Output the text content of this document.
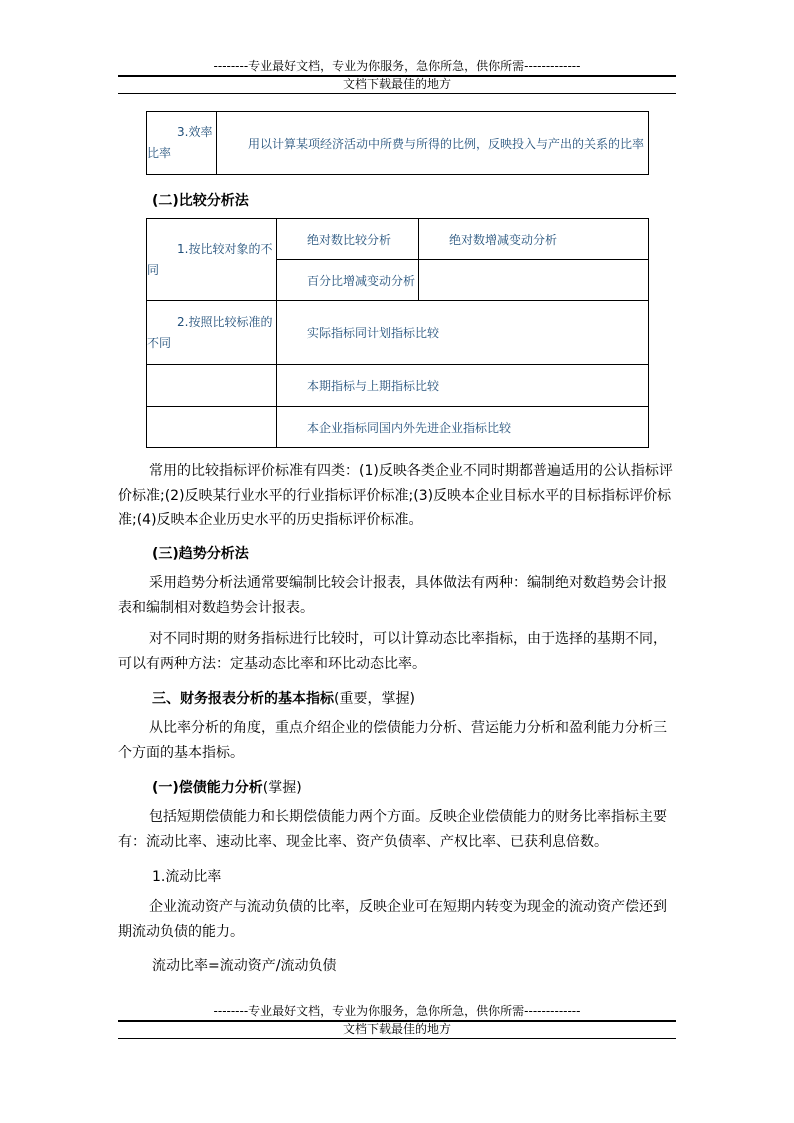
--------专业最好文档，专业为你服务，急你所急，供你所需-------------
文档下载最佳的地方
3.效率
比率
	用以计算某项经济活动中所费与所得的比例，反映投入与产出的关系的比率
(二)比较分析法
1.按比较对象的不
同	绝对数比较分析	绝对数增减变动分析
	百分比增减变动分析	
2.按照比较标准的
不同	实际指标同计划指标比较	
	本期指标与上期指标比较	
	本企业指标同国内外先进企业指标比较	

常用的比较指标评价标准有四类：(1)反映各类企业不同时期都普遍适用的公认指标评价标准;(2)反映某行业水平的行业指标评价标准;(3)反映本企业目标水平的目标指标评价标准;(4)反映本企业历史水平的历史指标评价标准。

(三)趋势分析法

采用趋势分析法通常要编制比较会计报表，具体做法有两种：编制绝对数趋势会计报表和编制相对数趋势会计报表。

对不同时期的财务指标进行比较时，可以计算动态比率指标，由于选择的基期不同，可以有两种方法：定基动态比率和环比动态比率。

三、财务报表分析的基本指标(重要，掌握)

从比率分析的角度，重点介绍企业的偿债能力分析、营运能力分析和盈利能力分析三个方面的基本指标。

(一)偿债能力分析(掌握)

包括短期偿债能力和长期偿债能力两个方面。反映企业偿债能力的财务比率指标主要有：流动比率、速动比率、现金比率、资产负债率、产权比率、已获利息倍数。

1.流动比率

企业流动资产与流动负债的比率，反映企业可在短期内转变为现金的流动资产偿还到期流动负债的能力。

流动比率=流动资产/流动负债
--------专业最好文档，专业为你服务，急你所急，供你所需-------------
文档下载最佳的地方
